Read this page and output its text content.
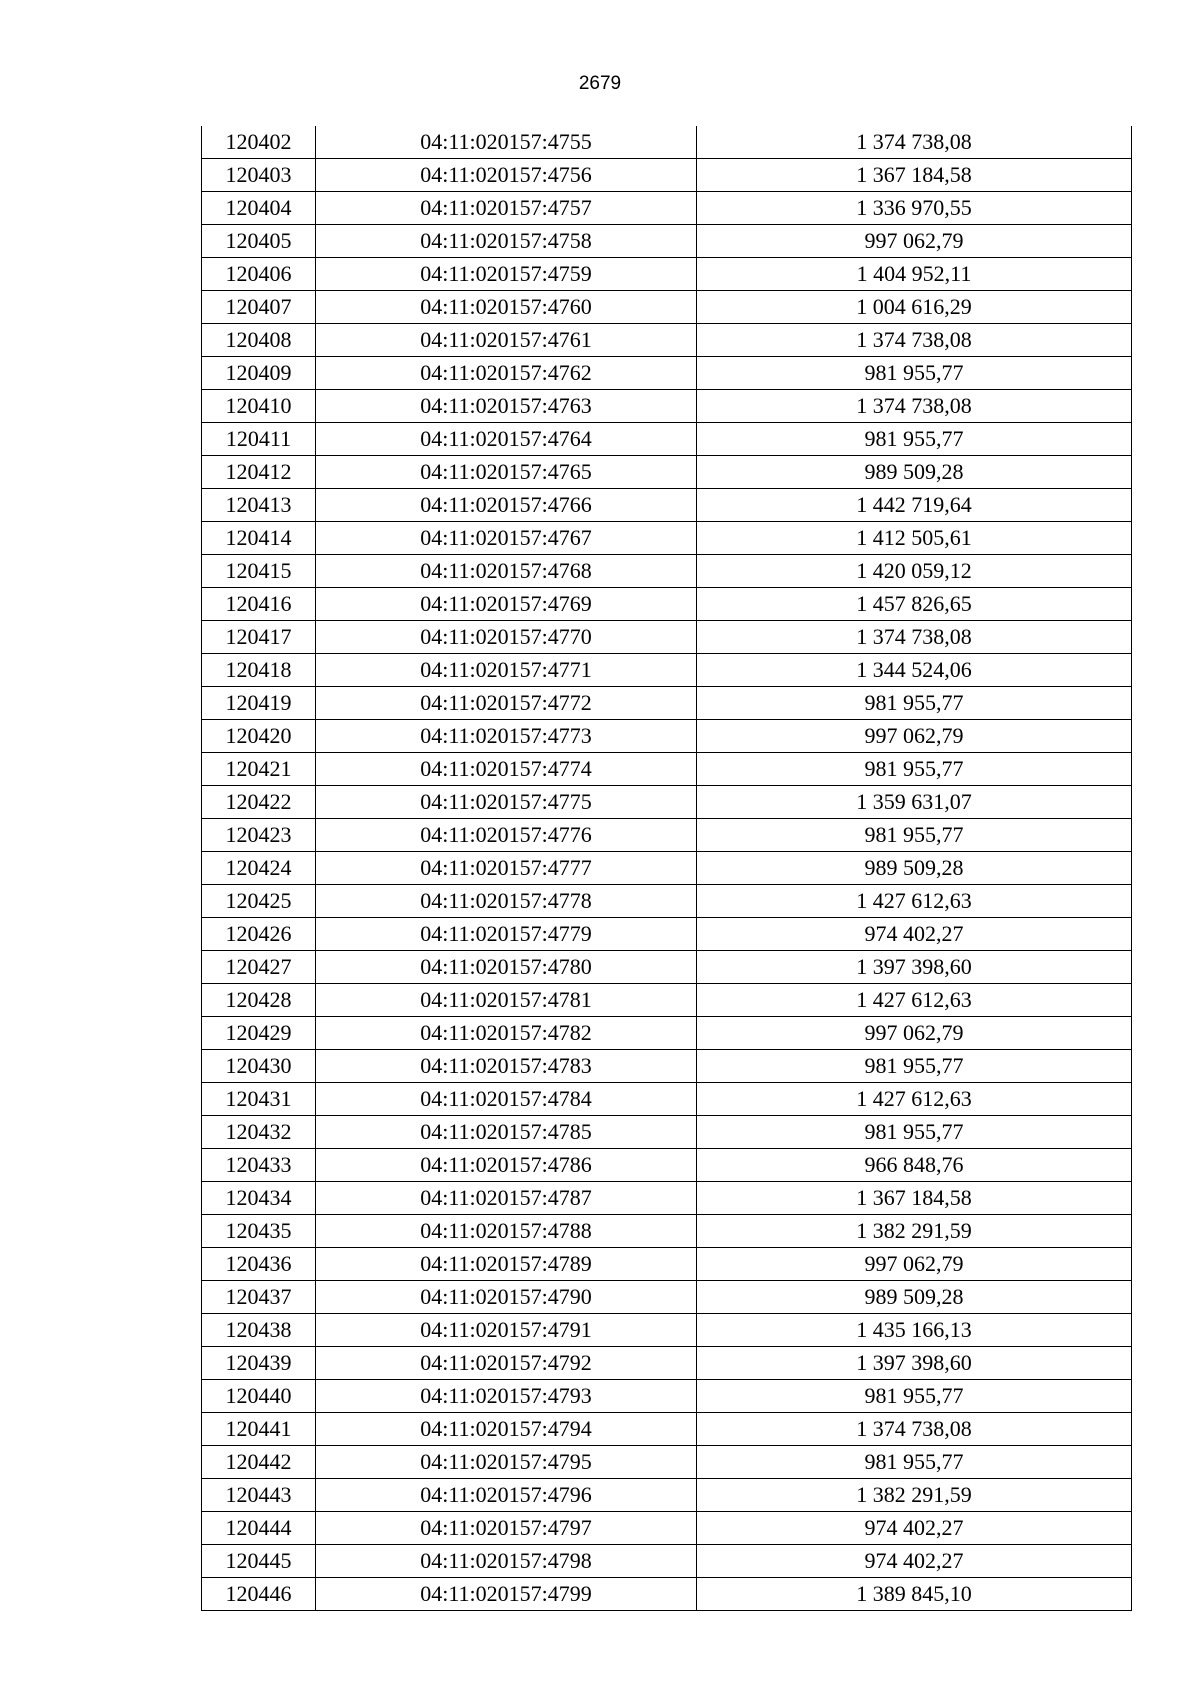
2679
120402	04:11:020157:4755	1 374 738,08
120403	04:11:020157:4756	1 367 184,58
120404	04:11:020157:4757	1 336 970,55
120405	04:11:020157:4758	997 062,79
120406	04:11:020157:4759	1 404 952,11
120407	04:11:020157:4760	1 004 616,29
120408	04:11:020157:4761	1 374 738,08
120409	04:11:020157:4762	981 955,77
120410	04:11:020157:4763	1 374 738,08
120411	04:11:020157:4764	981 955,77
120412	04:11:020157:4765	989 509,28
120413	04:11:020157:4766	1 442 719,64
120414	04:11:020157:4767	1 412 505,61
120415	04:11:020157:4768	1 420 059,12
120416	04:11:020157:4769	1 457 826,65
120417	04:11:020157:4770	1 374 738,08
120418	04:11:020157:4771	1 344 524,06
120419	04:11:020157:4772	981 955,77
120420	04:11:020157:4773	997 062,79
120421	04:11:020157:4774	981 955,77
120422	04:11:020157:4775	1 359 631,07
120423	04:11:020157:4776	981 955,77
120424	04:11:020157:4777	989 509,28
120425	04:11:020157:4778	1 427 612,63
120426	04:11:020157:4779	974 402,27
120427	04:11:020157:4780	1 397 398,60
120428	04:11:020157:4781	1 427 612,63
120429	04:11:020157:4782	997 062,79
120430	04:11:020157:4783	981 955,77
120431	04:11:020157:4784	1 427 612,63
120432	04:11:020157:4785	981 955,77
120433	04:11:020157:4786	966 848,76
120434	04:11:020157:4787	1 367 184,58
120435	04:11:020157:4788	1 382 291,59
120436	04:11:020157:4789	997 062,79
120437	04:11:020157:4790	989 509,28
120438	04:11:020157:4791	1 435 166,13
120439	04:11:020157:4792	1 397 398,60
120440	04:11:020157:4793	981 955,77
120441	04:11:020157:4794	1 374 738,08
120442	04:11:020157:4795	981 955,77
120443	04:11:020157:4796	1 382 291,59
120444	04:11:020157:4797	974 402,27
120445	04:11:020157:4798	974 402,27
120446	04:11:020157:4799	1 389 845,10
